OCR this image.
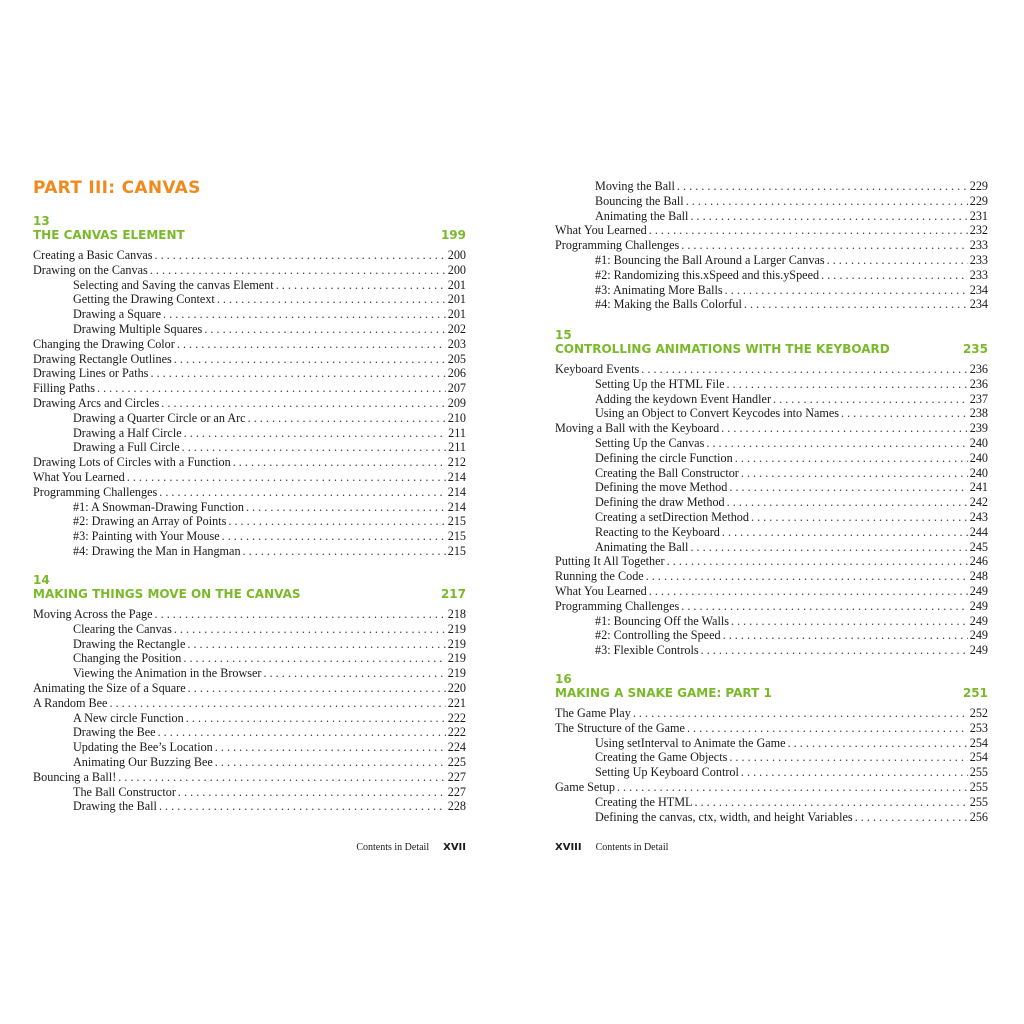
PART III: CANVAS
13
THE CANVAS ELEMENT	199
Creating a Basic Canvas . . .	200
Drawing on the Canvas . . .	200
Selecting and Saving the canvas Element . . .	201
Getting the Drawing Context . . .	201
Drawing a Square . . .	201
Drawing Multiple Squares . . .	202
Changing the Drawing Color . . .	203
Drawing Rectangle Outlines . . .	205
Drawing Lines or Paths . . .	206
Filling Paths . . .	207
Drawing Arcs and Circles . . .	209
Drawing a Quarter Circle or an Arc . . .	210
Drawing a Half Circle . . .	211
Drawing a Full Circle . . .	211
Drawing Lots of Circles with a Function . . .	212
What You Learned . . .	214
Programming Challenges . . .	214
#1: A Snowman-Drawing Function . . .	214
#2: Drawing an Array of Points . . .	215
#3: Painting with Your Mouse . . .	215
#4: Drawing the Man in Hangman . . .	215
14
MAKING THINGS MOVE ON THE CANVAS	217
Moving Across the Page . . .	218
Clearing the Canvas . . .	219
Drawing the Rectangle . . .	219
Changing the Position . . .	219
Viewing the Animation in the Browser . . .	219
Animating the Size of a Square . . .	220
A Random Bee . . .	221
A New circle Function . . .	222
Drawing the Bee . . .	222
Updating the Bee’s Location . . .	224
Animating Our Buzzing Bee . . .	225
Bouncing a Ball! . . .	227
The Ball Constructor . . .	227
Drawing the Ball . . .	228
Contents in Detail XVII
Moving the Ball . . .	229
Bouncing the Ball . . .	229
Animating the Ball . . .	231
What You Learned . . .	232
Programming Challenges . . .	233
#1: Bouncing the Ball Around a Larger Canvas . . .	233
#2: Randomizing this.xSpeed and this.ySpeed . . .	233
#3: Animating More Balls . . .	234
#4: Making the Balls Colorful . . .	234
15
CONTROLLING ANIMATIONS WITH THE KEYBOARD	235
Keyboard Events . . .	236
Setting Up the HTML File . . .	236
Adding the keydown Event Handler . . .	237
Using an Object to Convert Keycodes into Names . . .	238
Moving a Ball with the Keyboard . . .	239
Setting Up the Canvas . . .	240
Defining the circle Function . . .	240
Creating the Ball Constructor . . .	240
Defining the move Method . . .	241
Defining the draw Method . . .	242
Creating a setDirection Method . . .	243
Reacting to the Keyboard . . .	244
Animating the Ball . . .	245
Putting It All Together . . .	246
Running the Code . . .	248
What You Learned . . .	249
Programming Challenges . . .	249
#1: Bouncing Off the Walls . . .	249
#2: Controlling the Speed . . .	249
#3: Flexible Controls . . .	249
16
MAKING A SNAKE GAME: PART 1	251
The Game Play . . .	252
The Structure of the Game . . .	253
Using setInterval to Animate the Game . . .	254
Creating the Game Objects . . .	254
Setting Up Keyboard Control . . .	255
Game Setup . . .	255
Creating the HTML . . .	255
Defining the canvas, ctx, width, and height Variables . . .	256
XVIII Contents in Detail
